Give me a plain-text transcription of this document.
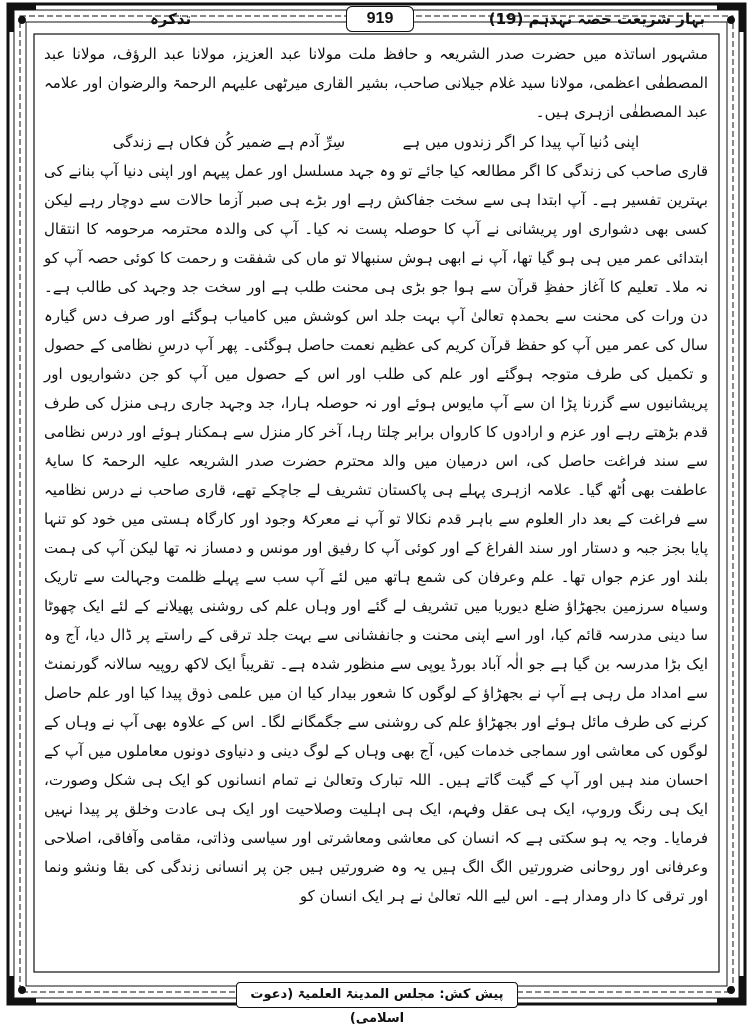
تذکرہ	919	بہار شریعت حصہ نہدہم (19)

مشہور اساتذہ میں حضرت صدر الشریعہ و حافظ ملت مولانا عبد العزیز، مولانا عبد الرؤف، مولانا عبد المصطفٰی اعظمی، مولانا سید غلام جیلانی صاحب، بشیر القاری میرٹھی علیہم الرحمۃ والرضوان اور علامہ عبد المصطفٰی ازہری ہیں۔

اپنی دُنیا آپ پیدا کر اگر زندوں میں ہے
سِرِّ آدم ہے ضمیر کُن فکاں ہے زندگی

قاری صاحب کی زندگی کا اگر مطالعہ کیا جائے تو وہ جہد مسلسل اور عمل پیہم اور اپنی دنیا آپ بنانے کی بہترین تفسیر ہے۔ آپ ابتدا ہی سے سخت جفاکش رہے اور بڑے ہی صبر آزما حالات سے دوچار رہے لیکن کسی بھی دشواری اور پریشانی نے آپ کا حوصلہ پست نہ کیا۔ آپ کی والدہ محترمہ مرحومہ کا انتقال ابتدائی عمر میں ہی ہو گیا تھا، آپ نے ابھی ہوش سنبھالا تو ماں کی شفقت و رحمت کا کوئی حصہ آپ کو نہ ملا۔ تعلیم کا آغاز حفظِ قرآن سے ہوا جو بڑی ہی محنت طلب ہے اور سخت جد وجہد کی طالب ہے۔ دن ورات کی محنت سے بحمدہٖ تعالیٰ آپ بہت جلد اس کوشش میں کامیاب ہوگئے اور صرف دس گیارہ سال کی عمر میں آپ کو حفظ قرآن کریم کی عظیم نعمت حاصل ہوگئی۔ پھر آپ درسِ نظامی کے حصول و تکمیل کی طرف متوجہ ہوگئے اور علم کی طلب اور اس کے حصول میں آپ کو جن دشواریوں اور پریشانیوں سے گزرنا پڑا ان سے آپ مایوس ہوئے اور نہ حوصلہ ہارا، جد وجہد جاری رہی منزل کی طرف قدم بڑھتے رہے اور عزم و ارادوں کا کارواں برابر چلتا رہا، آخر کار منزل سے ہمکنار ہوئے اور درس نظامی سے سند فراغت حاصل کی، اس درمیان میں والد محترم حضرت صدر الشریعہ علیہ الرحمۃ کا سایۂ عاطفت بھی اُٹھ گیا۔ علامہ ازہری پہلے ہی پاکستان تشریف لے جاچکے تھے، قاری صاحب نے درس نظامیہ سے فراغت کے بعد دار العلوم سے باہر قدم نکالا تو آپ نے معرکۂ وجود اور کارگاہ ہستی میں خود کو تنہا پایا بجز جبہ و دستار اور سند الفراغ کے اور کوئی آپ کا رفیق اور مونس و دمساز نہ تھا لیکن آپ کی ہمت بلند اور عزم جواں تھا۔ علم وعرفان کی شمع ہاتھ میں لئے آپ سب سے پہلے ظلمت وجہالت سے تاریک وسیاہ سرزمین بجھڑاؤ ضلع دیوریا میں تشریف لے گئے اور وہاں علم کی روشنی پھیلانے کے لئے ایک چھوٹا سا دینی مدرسہ قائم کیا، اور اسے اپنی محنت و جانفشانی سے بہت جلد ترقی کے راستے پر ڈال دیا، آج وہ ایک بڑا مدرسہ بن گیا ہے جو الٰہ آباد بورڈ یوپی سے منظور شدہ ہے۔ تقریباً ایک لاکھ روپیہ سالانہ گورنمنٹ سے امداد مل رہی ہے آپ نے بجھڑاؤ کے لوگوں کا شعور بیدار کیا ان میں علمی ذوق پیدا کیا اور علم حاصل کرنے کی طرف مائل ہوئے اور بجھڑاؤ علم کی روشنی سے جگمگانے لگا۔ اس کے علاوہ بھی آپ نے وہاں کے لوگوں کی معاشی اور سماجی خدمات کیں، آج بھی وہاں کے لوگ دینی و دنیاوی دونوں معاملوں میں آپ کے احسان مند ہیں اور آپ کے گیت گاتے ہیں۔ اللہ تبارک وتعالیٰ نے تمام انسانوں کو ایک ہی شکل وصورت، ایک ہی رنگ وروپ، ایک ہی عقل وفہم، ایک ہی اہلیت وصلاحیت اور ایک ہی عادت وخلق پر پیدا نہیں فرمایا۔ وجہ یہ ہو سکتی ہے کہ انسان کی معاشی ومعاشرتی اور سیاسی وذاتی، مقامی وآفاقی، اصلاحی وعرفانی اور روحانی ضرورتیں الگ الگ ہیں یہ وہ ضرورتیں ہیں جن پر انسانی زندگی کی بقا ونشو ونما اور ترقی کا دار ومدار ہے۔ اس لیے اللہ تعالیٰ نے ہر ایک انسان کو

پیش کش: مجلس المدینۃ العلمیۃ (دعوت اسلامی)
